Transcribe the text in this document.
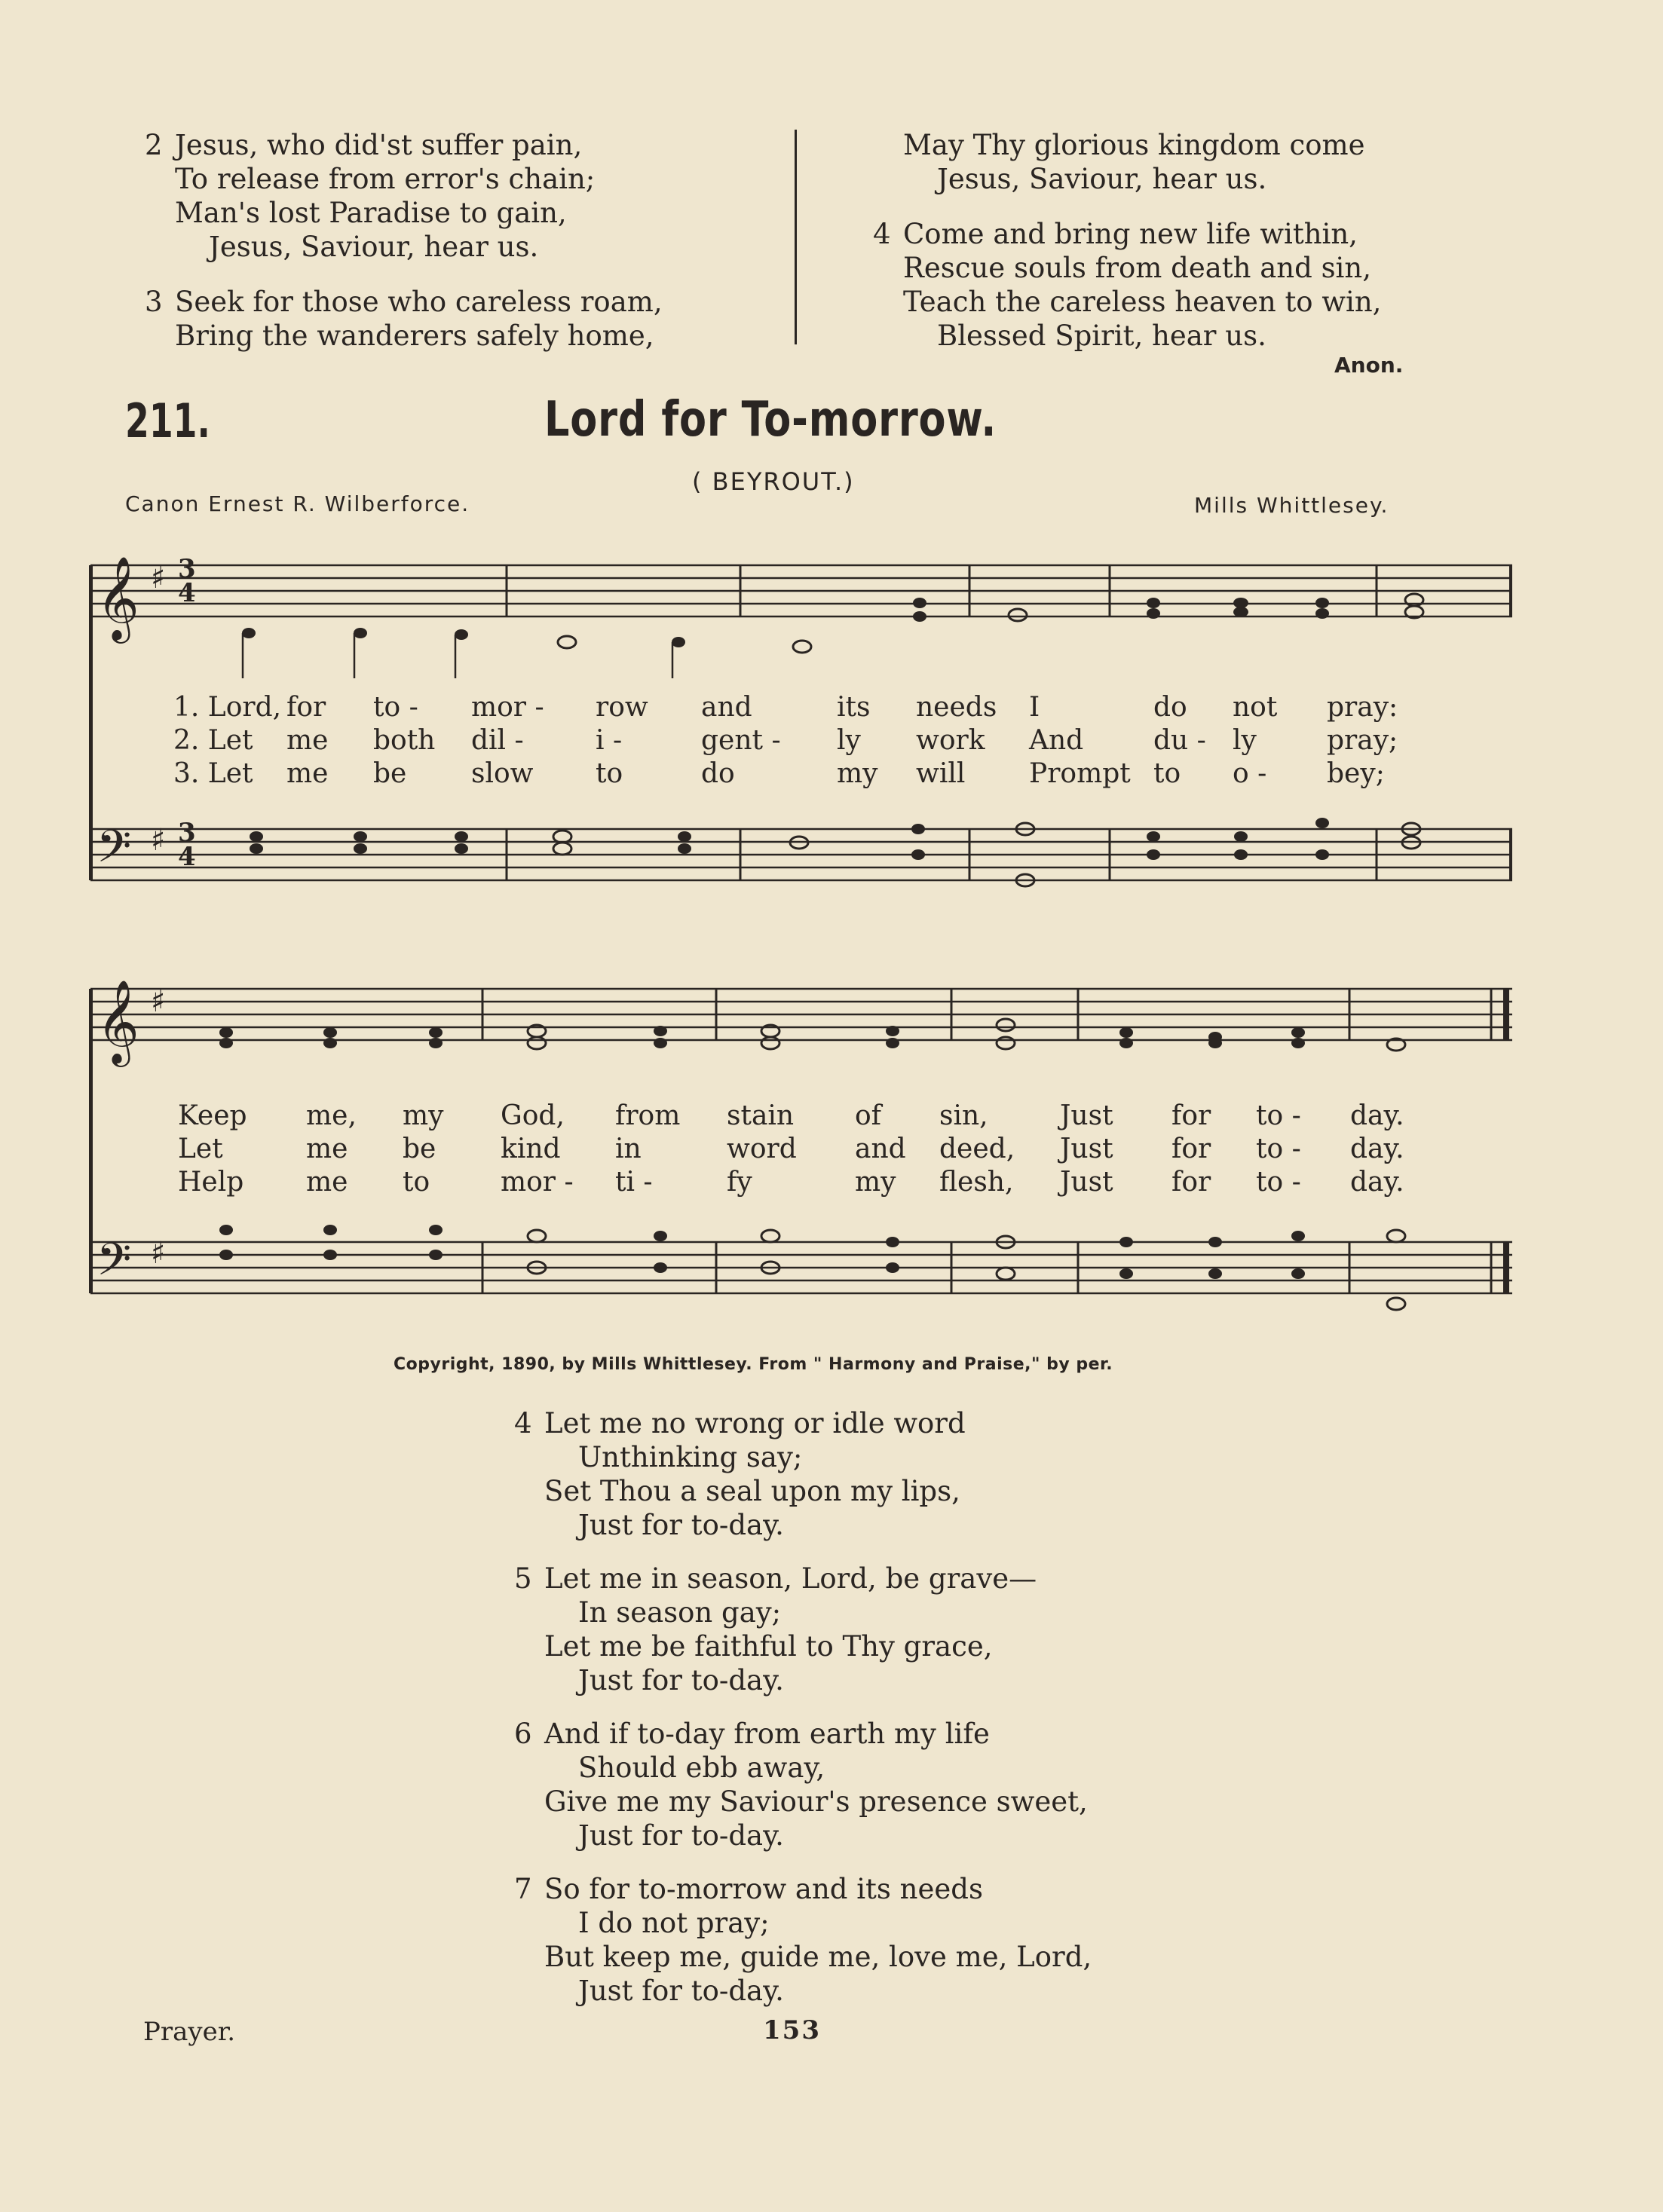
2 Jesus, who did'st suffer pain,
To release from error's chain;
Man's lost Paradise to gain,
Jesus, Saviour, hear us.
3 Seek for those who careless roam,
Bring the wanderers safely home,
May Thy glorious kingdom come
Jesus, Saviour, hear us.
4 Come and bring new life within,
Rescue souls from death and sin,
Teach the careless heaven to win,
Blessed Spirit, hear us.
Anon.
211.	Lord for To-morrow.
( BEYROUT.)
Canon Ernest R. Wilberforce.	Mills Whittlesey.
𝄞
𝄢
♯
♯
3 4
3 4
1. Lord,	for	to -	mor -	row	and	its	needs	I	do	not	pray:
2. Let	me	both	dil -	i -	gent -	ly	work	And	du -	ly	pray;
3. Let	me	be	slow	to	do	my	will	Prompt	to	o -	bey;
𝄞
𝄢
♯
♯
Keep	me,	my	God,	from	stain	of	sin,	Just	for	to -	day.
Let	me	be	kind	in	word	and	deed,	Just	for	to -	day.
Help	me	to	mor -	ti -	fy	my	flesh,	Just	for	to -	day.
Copyright, 1890, by Mills Whittlesey. From " Harmony and Praise," by per.
4 Let me no wrong or idle word
Unthinking say;
Set Thou a seal upon my lips,
Just for to-day.
5 Let me in season, Lord, be grave—
In season gay;
Let me be faithful to Thy grace,
Just for to-day.
6 And if to-day from earth my life
Should ebb away,
Give me my Saviour's presence sweet,
Just for to-day.
7 So for to-morrow and its needs
I do not pray;
But keep me, guide me, love me, Lord,
Just for to-day.
Prayer.	153
